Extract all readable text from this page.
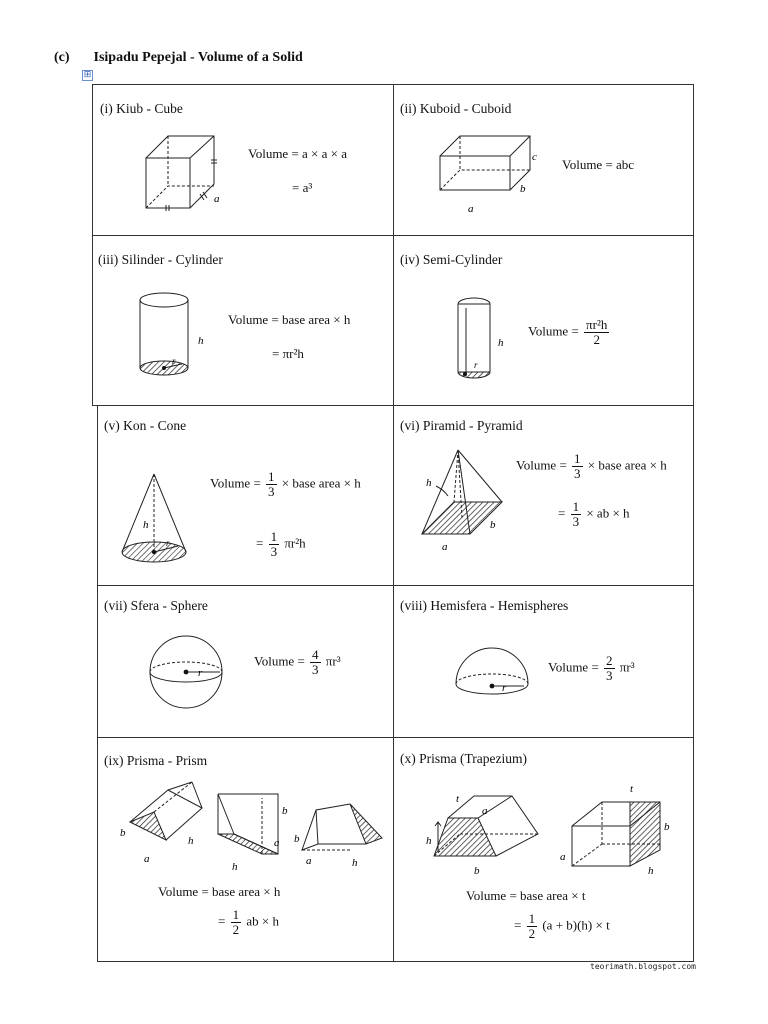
(c) Isipadu Pepejal - Volume of a Solid
⊞
(i) Kiub - Cube
a
Volume = a × a × a
= a³
(ii) Kuboid - Cuboid
a
b
c Volume = abc
(iii) Silinder - Cylinder
h
r
Volume = base area × h
= πr²h
(iv) Semi-Cylinder
h
r
Volume = $\frac{\text{πr²h}}{2}$
(v) Kon - Cone
h
r
Volume = $\frac{1}{3}$ × base area × h
= $\frac{1}{3} \pi r^2h$
(vi) Piramid - Pyramid
h
a
b
Volume = $\frac{1}{3}$ × base area × h
= $\frac{1}{3}$ × ab × h
(vii) Sfera - Sphere
r
Volume = $\frac{4}{3} \pi r^3$
(viii) Hemisfera - Hemispheres
r
Volume = $\frac{2}{3} \pi r^3$
(ix) Prisma - Prism
b
a
h
b
a
h
b
a	h
Volume = base area × h
= $\frac{1}{2}$ ab × h
(x) Prisma (Trapezium)
t
a
h
b
t
a
h
b
Volume = base area × t
= $\frac{1}{2} (a + b)(h) \times t$
teorimath.blogspot.com
